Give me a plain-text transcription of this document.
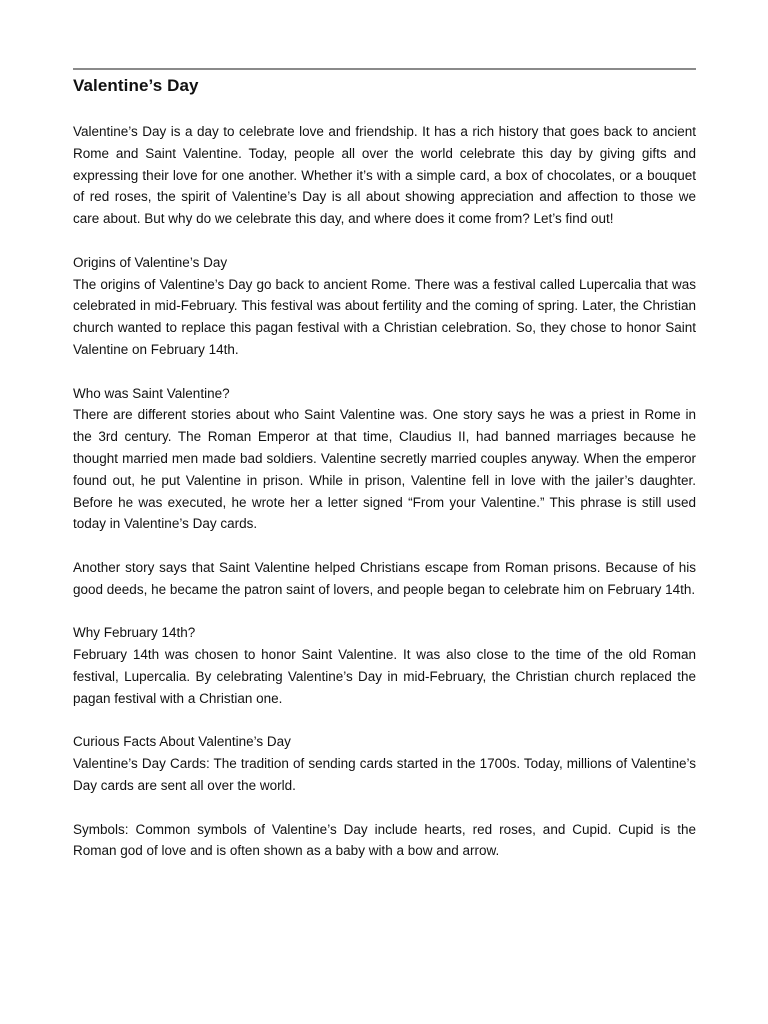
Valentine’s Day

Valentine’s Day is a day to celebrate love and friendship. It has a rich history that goes back to ancient Rome and Saint Valentine. Today, people all over the world celebrate this day by giving gifts and expressing their love for one another. Whether it’s with a simple card, a box of chocolates, or a bouquet of red roses, the spirit of Valentine’s Day is all about showing appreciation and affection to those we care about. But why do we celebrate this day, and where does it come from? Let’s find out!

Origins of Valentine’s Day
The origins of Valentine’s Day go back to ancient Rome. There was a festival called Lupercalia that was celebrated in mid-February. This festival was about fertility and the coming of spring. Later, the Christian church wanted to replace this pagan festival with a Christian celebration. So, they chose to honor Saint Valentine on February 14th.
Who was Saint Valentine?
There are different stories about who Saint Valentine was. One story says he was a priest in Rome in the 3rd century. The Roman Emperor at that time, Claudius II, had banned marriages because he thought married men made bad soldiers. Valentine secretly married couples anyway. When the emperor found out, he put Valentine in prison. While in prison, Valentine fell in love with the jailer’s daughter. Before he was executed, he wrote her a letter signed “From your Valentine.” This phrase is still used today in Valentine’s Day cards.
Another story says that Saint Valentine helped Christians escape from Roman prisons. Because of his good deeds, he became the patron saint of lovers, and people began to celebrate him on February 14th.
Why February 14th?
February 14th was chosen to honor Saint Valentine. It was also close to the time of the old Roman festival, Lupercalia. By celebrating Valentine’s Day in mid-February, the Christian church replaced the pagan festival with a Christian one.
Curious Facts About Valentine’s Day
Valentine’s Day Cards: The tradition of sending cards started in the 1700s. Today, millions of Valentine’s Day cards are sent all over the world.
Symbols: Common symbols of Valentine’s Day include hearts, red roses, and Cupid. Cupid is the Roman god of love and is often shown as a baby with a bow and arrow.
